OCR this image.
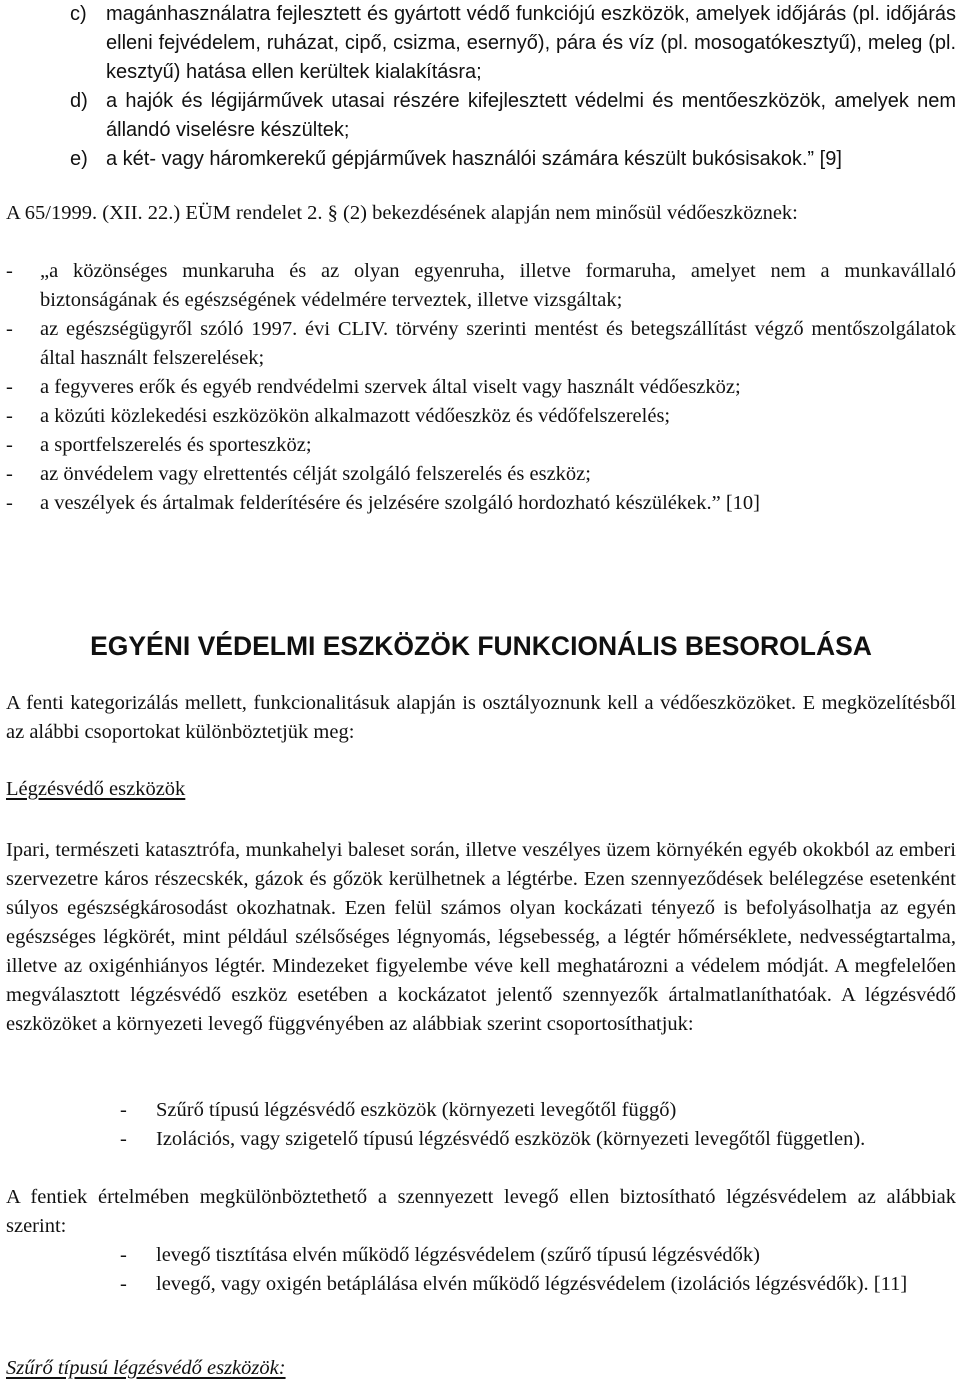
c) magánhasználatra fejlesztett és gyártott védő funkciójú eszközök, amelyek időjárás (pl. időjárás elleni fejvédelem, ruházat, cipő, csizma, esernyő), pára és víz (pl. mosogatókesztyű), meleg (pl. kesztyű) hatása ellen kerültek kialakításra;
d) a hajók és légijárművek utasai részére kifejlesztett védelmi és mentőeszközök, amelyek nem állandó viselésre készültek;
e) a két- vagy háromkerekű gépjárművek használói számára készült bukósisakok.” [9]
A 65/1999. (XII. 22.) EÜM rendelet 2. § (2) bekezdésének alapján nem minősül védőeszköznek:
-	„a közönséges munkaruha és az olyan egyenruha, illetve formaruha, amelyet nem a munkavállaló biztonságának és egészségének védelmére terveztek, illetve vizsgáltak;
-	az egészségügyről szóló 1997. évi CLIV. törvény szerinti mentést és betegszállítást végző mentőszolgálatok által használt felszerelések;
-	a fegyveres erők és egyéb rendvédelmi szervek által viselt vagy használt védőeszköz;
-	a közúti közlekedési eszközökön alkalmazott védőeszköz és védőfelszerelés;
-	a sportfelszerelés és sporteszköz;
-	az önvédelem vagy elrettentés célját szolgáló felszerelés és eszköz;
-	a veszélyek és ártalmak felderítésére és jelzésére szolgáló hordozható készülékek.” [10]
EGYÉNI VÉDELMI ESZKÖZÖK FUNKCIONÁLIS BESOROLÁSA
A fenti kategorizálás mellett, funkcionalitásuk alapján is osztályoznunk kell a védőeszközöket. E megközelítésből az alábbi csoportokat különböztetjük meg:
Légzésvédő eszközök
Ipari, természeti katasztrófa, munkahelyi baleset során, illetve veszélyes üzem környékén egyéb okokból az emberi szervezetre káros részecskék, gázok és gőzök kerülhetnek a légtérbe. Ezen szennyeződések belélegzése esetenként súlyos egészségkárosodást okozhatnak. Ezen felül számos olyan kockázati tényező is befolyásolhatja az egyén egészséges légkörét, mint például szélsőséges légnyomás, légsebesség, a légtér hőmérséklete, nedvességtartalma, illetve az oxigénhiányos légtér. Mindezeket figyelembe véve kell meghatározni a védelem módját. A megfelelően megválasztott légzésvédő eszköz esetében a kockázatot jelentő szennyezők ártalmatlaníthatóak. A légzésvédő eszközöket a környezeti levegő függvényében az alábbiak szerint csoportosíthatjuk:
-	Szűrő típusú légzésvédő eszközök (környezeti levegőtől függő)
-	Izolációs, vagy szigetelő típusú légzésvédő eszközök (környezeti levegőtől független).
A fentiek értelmében megkülönböztethető a szennyezett levegő ellen biztosítható légzésvédelem az alábbiak szerint:
-	levegő tisztítása elvén működő légzésvédelem (szűrő típusú légzésvédők)
-	levegő, vagy oxigén betáplálása elvén működő légzésvédelem (izolációs légzésvédők). [11]
Szűrő típusú légzésvédő eszközök:
